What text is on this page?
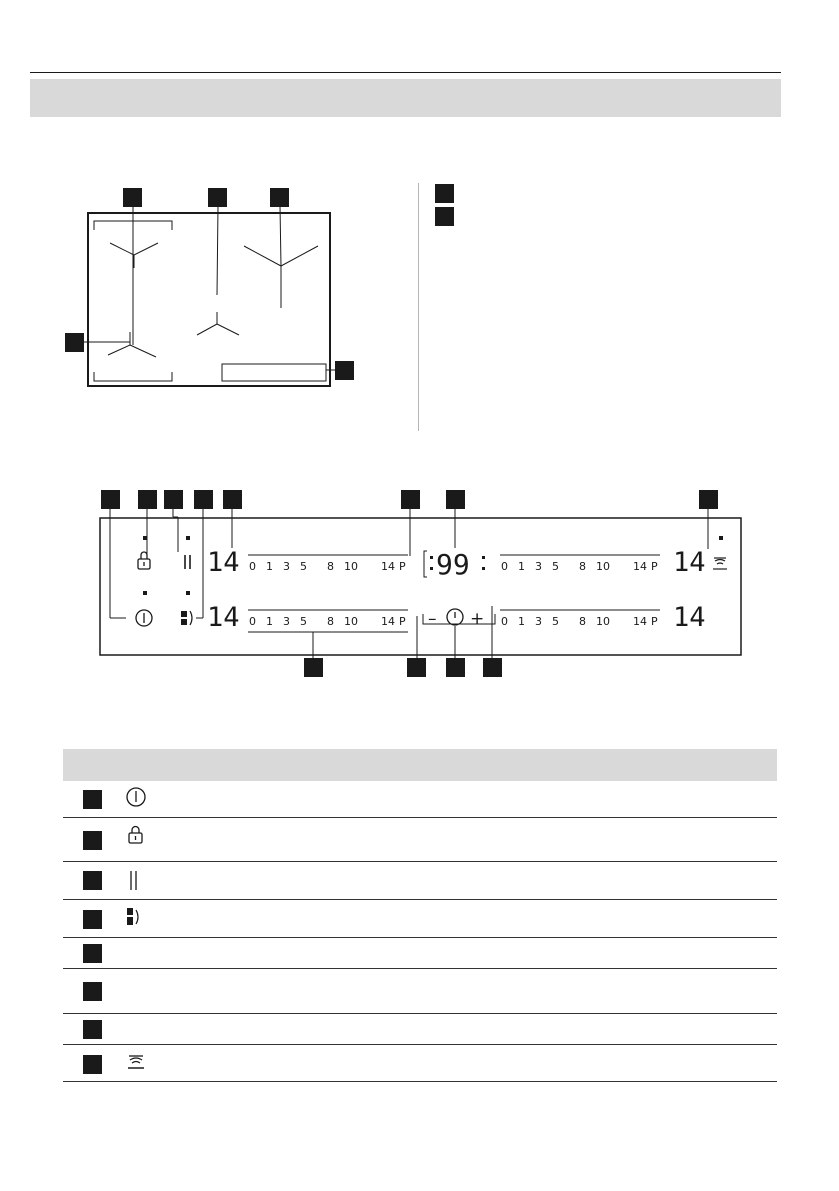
0 1 3 5 8 10 14 P	0 1 3 5 8 10 14 P
0 1 3 5 8 10 14 P	0 1 3 5 8 10 14 P
14
14
14
14
99
– +
